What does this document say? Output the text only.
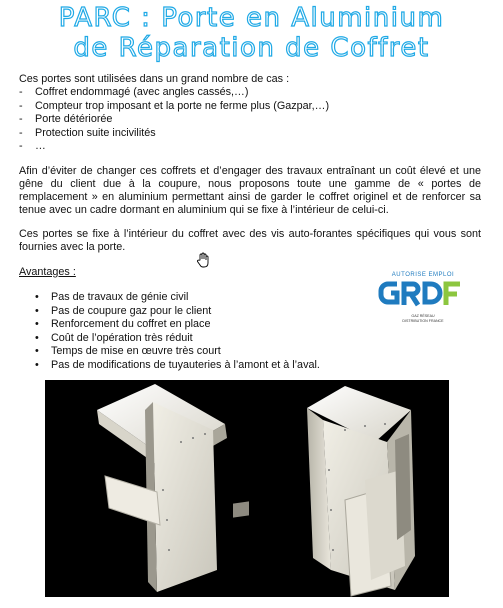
PARC : Porte en Aluminium
de Réparation de Coffret
Ces portes sont utilisées dans un grand nombre de cas :
- Coffret endommagé (avec angles cassés,…)
- Compteur trop imposant et la porte ne ferme plus (Gazpar,…)
- Porte détériorée
- Protection suite incivilités
- …

Afin d’éviter de changer ces coffrets et d’engager des travaux entraînant un coût élevé et une gêne du client due à la coupure, nous proposons toute une gamme de « portes de remplacement » en aluminium permettant ainsi de garder le coffret originel et de renforcer sa tenue avec un cadre dormant en aluminium qui se fixe à l’intérieur de celui-ci.

Ces portes se fixe à l’intérieur du coffret avec des vis auto-forantes spécifiques qui vous sont fournies avec la porte.

Avantages :
• Pas de travaux de génie civil
• Pas de coupure gaz pour le client
• Renforcement du coffret en place
• Coût de l’opération très réduit
• Temps de mise en œuvre très court
• Pas de modifications de tuyauteries à l’amont et à l’aval.
AUTORISE EMPLOI
GAZ RÉSEAU
DISTRIBUTION FRANCE
